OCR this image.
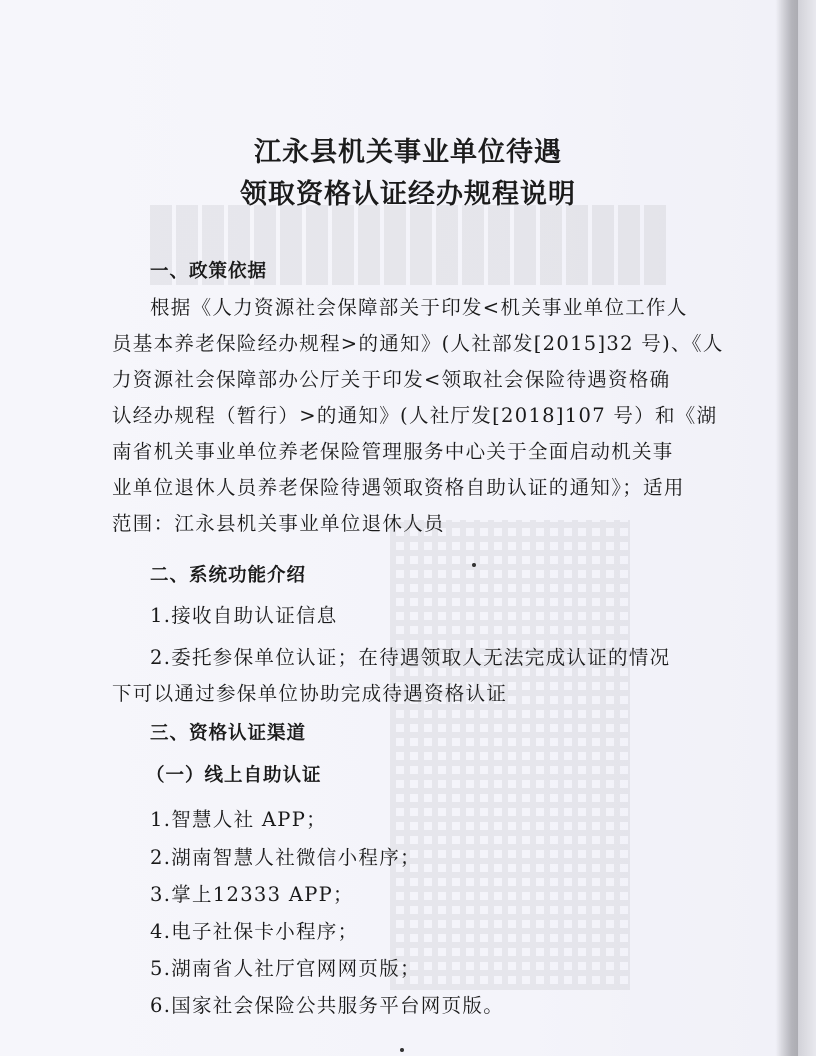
江永县机关事业单位待遇
领取资格认证经办规程说明
一、政策依据
根据《人力资源社会保障部关于印发<机关事业单位工作人
员基本养老保险经办规程>的通知》(人社部发[2015]32 号)、《人
力资源社会保障部办公厅关于印发<领取社会保险待遇资格确
认经办规程（暂行）>的通知》(人社厅发[2018]107 号）和《湖
南省机关事业单位养老保险管理服务中心关于全面启动机关事
业单位退休人员养老保险待遇领取资格自助认证的通知》；适用
范围：江永县机关事业单位退休人员
二、系统功能介绍
1.接收自助认证信息
2.委托参保单位认证；在待遇领取人无法完成认证的情况
下可以通过参保单位协助完成待遇资格认证
三、资格认证渠道
（一）线上自助认证
1.智慧人社 APP；
2.湖南智慧人社微信小程序；
3.掌上12333 APP；
4.电子社保卡小程序；
5.湖南省人社厅官网网页版；
6.国家社会保险公共服务平台网页版。
